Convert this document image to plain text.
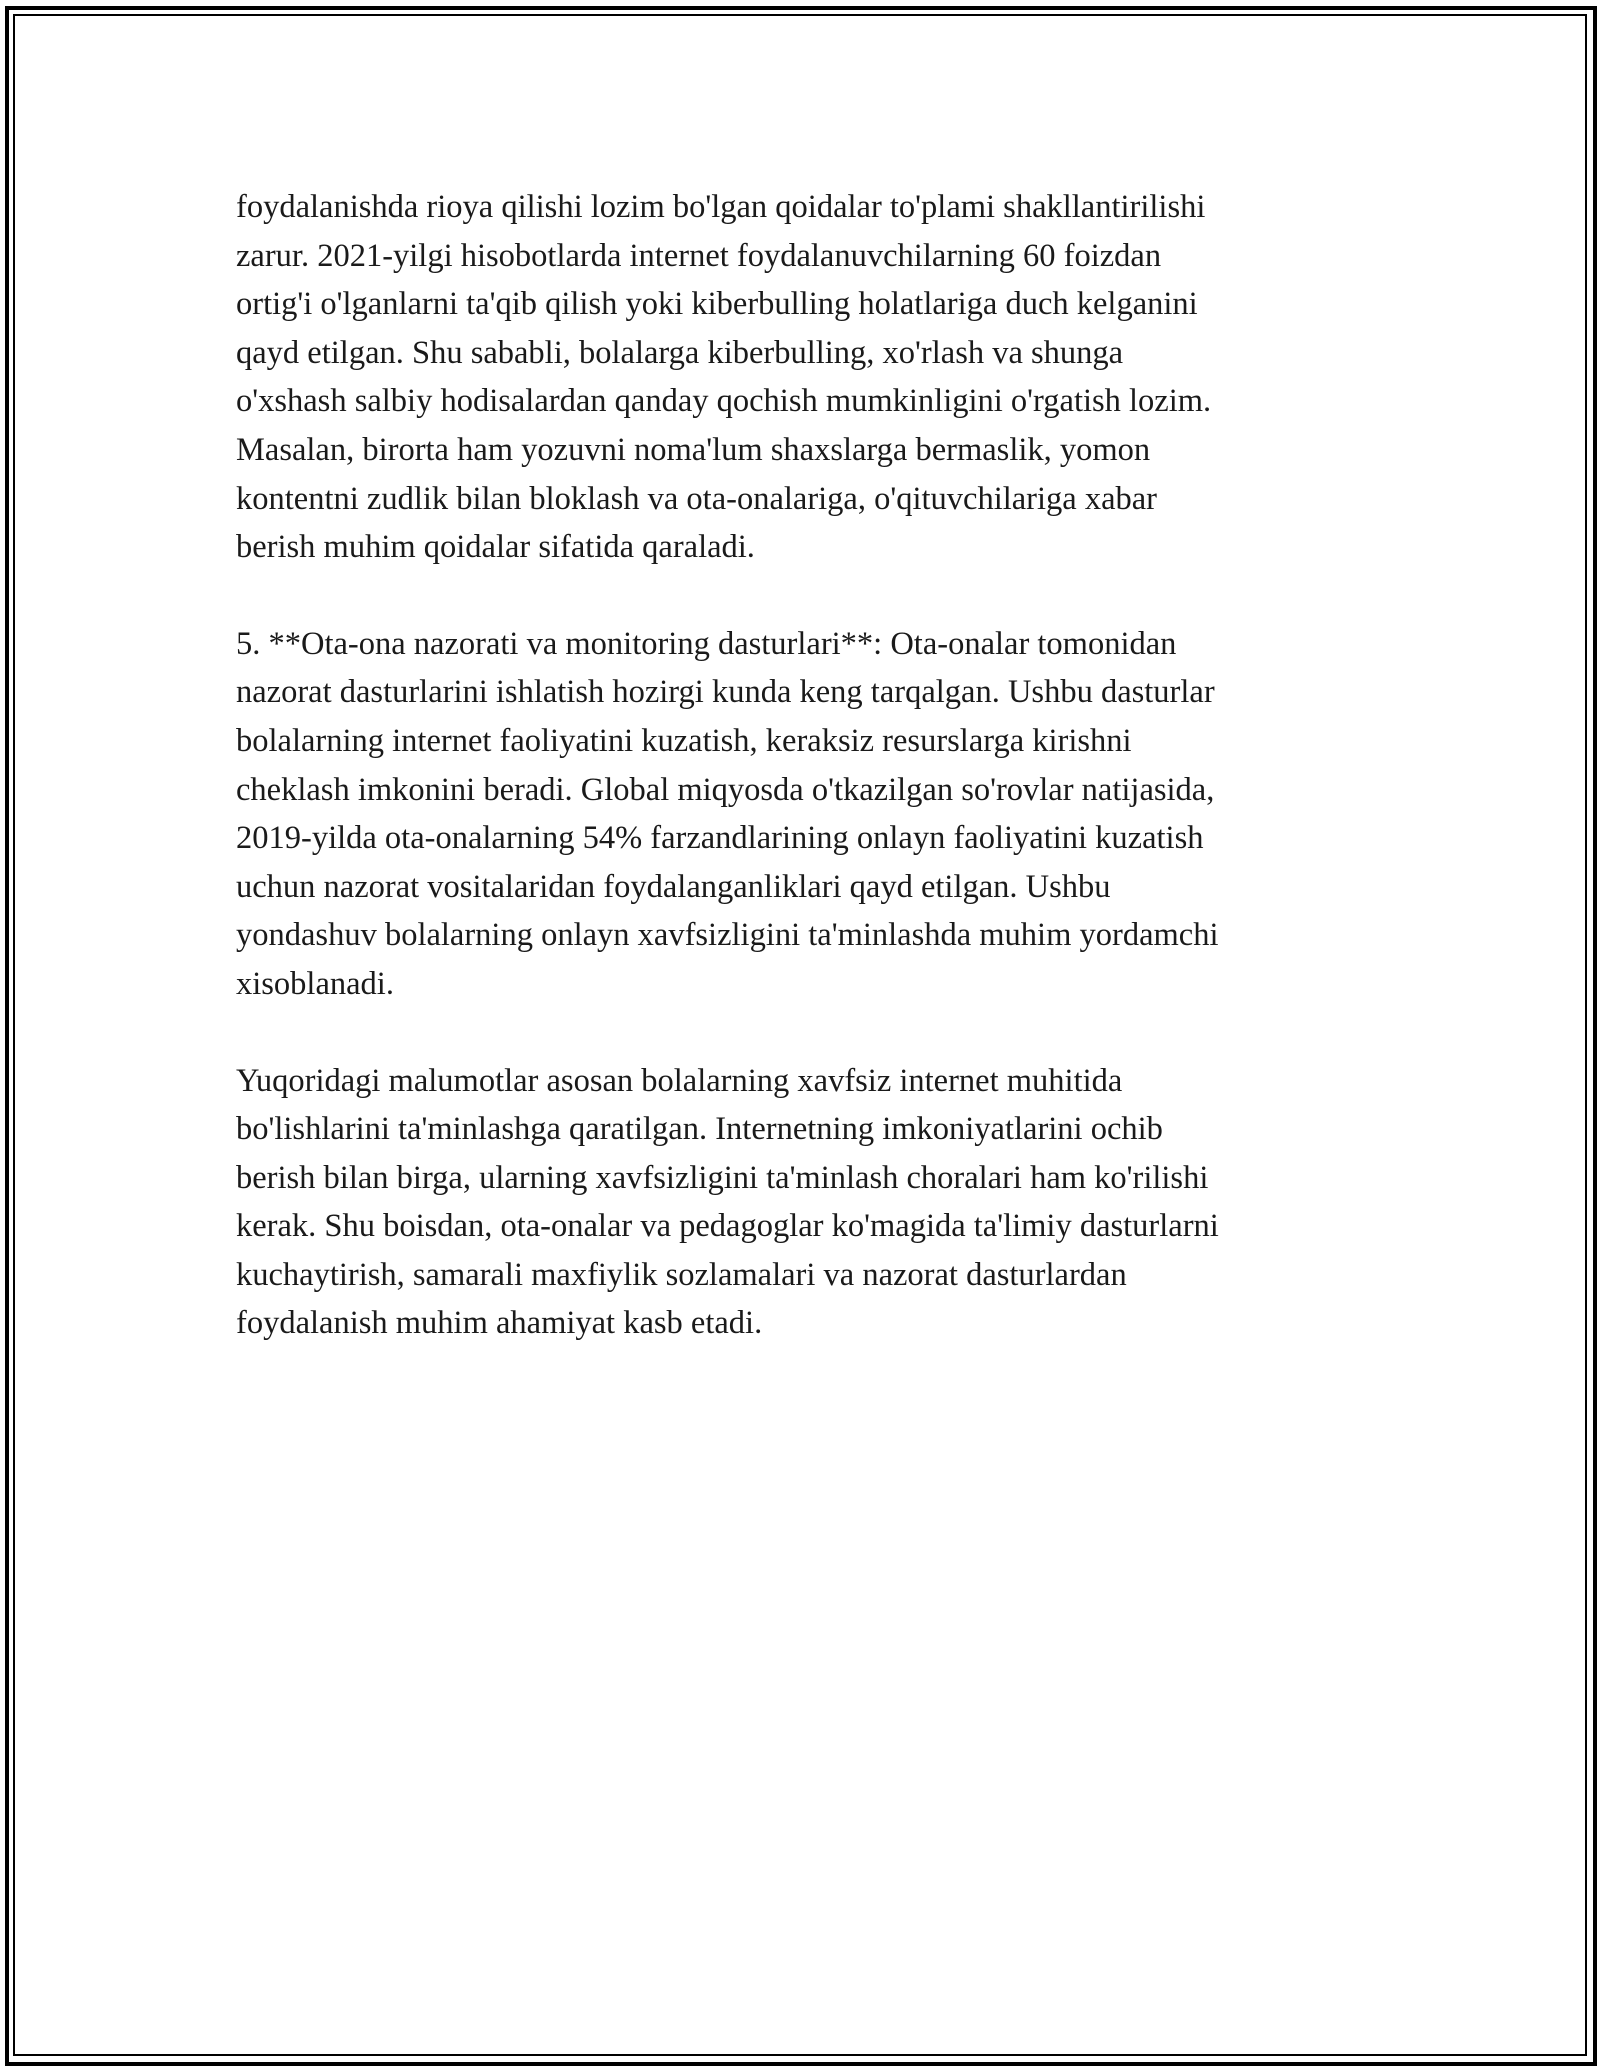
foydalanishda rioya qilishi lozim bo'lgan qoidalar to'plami shakllantirilishi
zarur. 2021-yilgi hisobotlarda internet foydalanuvchilarning 60 foizdan
ortig'i o'lganlarni ta'qib qilish yoki kiberbulling holatlariga duch kelganini
qayd etilgan. Shu sababli, bolalarga kiberbulling, xo'rlash va shunga
o'xshash salbiy hodisalardan qanday qochish mumkinligini o'rgatish lozim.
Masalan, birorta ham yozuvni noma'lum shaxslarga bermaslik, yomon
kontentni zudlik bilan bloklash va ota-onalariga, o'qituvchilariga xabar
berish muhim qoidalar sifatida qaraladi.

5. **Ota-ona nazorati va monitoring dasturlari**: Ota-onalar tomonidan
nazorat dasturlarini ishlatish hozirgi kunda keng tarqalgan. Ushbu dasturlar
bolalarning internet faoliyatini kuzatish, keraksiz resurslarga kirishni
cheklash imkonini beradi. Global miqyosda o'tkazilgan so'rovlar natijasida,
2019-yilda ota-onalarning 54% farzandlarining onlayn faoliyatini kuzatish
uchun nazorat vositalaridan foydalanganliklari qayd etilgan. Ushbu
yondashuv bolalarning onlayn xavfsizligini ta'minlashda muhim yordamchi
xisoblanadi.

Yuqoridagi malumotlar asosan bolalarning xavfsiz internet muhitida
bo'lishlarini ta'minlashga qaratilgan. Internetning imkoniyatlarini ochib
berish bilan birga, ularning xavfsizligini ta'minlash choralari ham ko'rilishi
kerak. Shu boisdan, ota-onalar va pedagoglar ko'magida ta'limiy dasturlarni
kuchaytirish, samarali maxfiylik sozlamalari va nazorat dasturlardan
foydalanish muhim ahamiyat kasb etadi.
